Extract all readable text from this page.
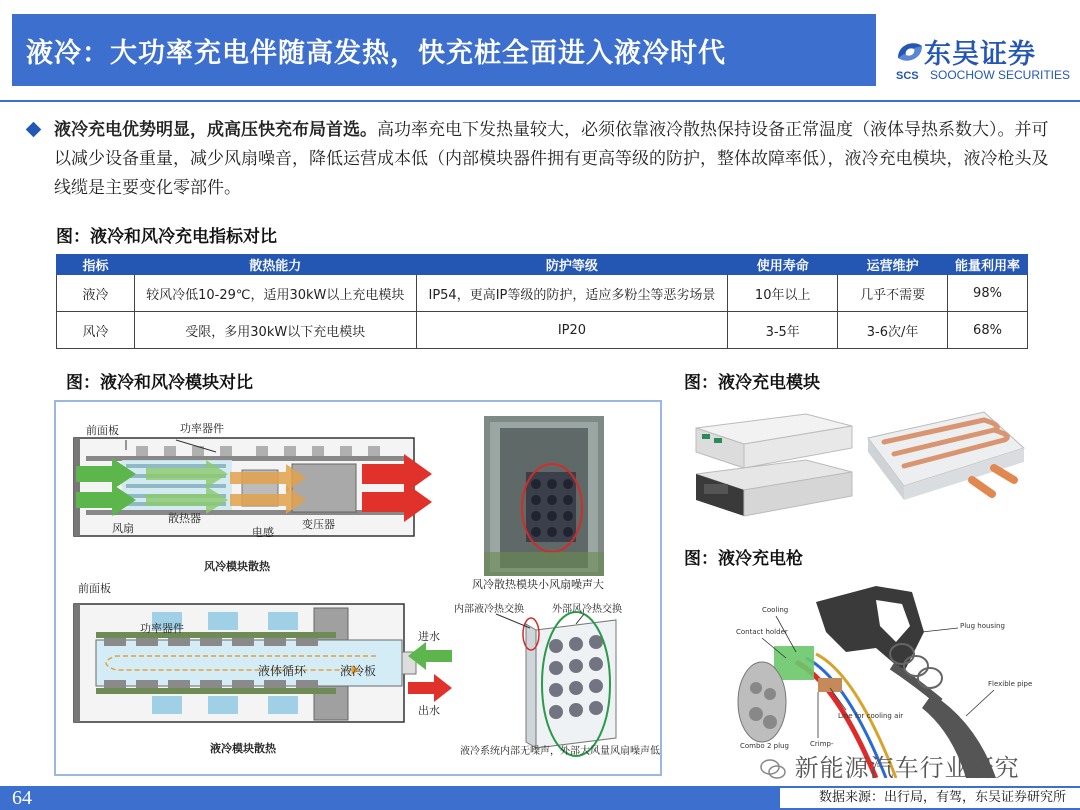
液冷：大功率充电伴随高发热，快充桩全面进入液冷时代	东吴证券
SCS SOOCHOW SECURITIES
液冷充电优势明显，成高压快充布局首选。高功率充电下发热量较大，必须依靠液冷散热保持设备正常温度（液体导热系数大）。并可以减少设备重量，减少风扇噪音，降低运营成本低（内部模块器件拥有更高等级的防护，整体故障率低），液冷充电模块，液冷枪头及线缆是主要变化零部件。
图：液冷和风冷充电指标对比
指标	散热能力	防护等级	使用寿命	运营维护	能量利用率
液冷	较风冷低10-29℃，适用30kW以上充电模块	IP54，更高IP等级的防护，适应多粉尘等恶劣场景	10年以上	几乎不需要	98%
风冷	受限，多用30kW以下充电模块	IP20	3-5年	3-6次/年	68%
图：液冷和风冷模块对比
前面板	功率器件
风扇
散热器
电感
变压器
风冷模块散热
风冷散热模块小风扇噪声大
前面板
功率器件
液体循环	液冷板
进水
出水
液冷模块散热
内部液冷热交换	外部风冷热交换
液冷系统内部无噪声，外部大风量风扇噪声低
图：液冷充电模块
图：液冷充电枪
Cooling
Contact holder
Plug housing
Flexible pipe
Line for cooling air
Crimp-
Combo 2 plug
新能源汽车行业研究
64	数据来源：出行局，有驾，东吴证券研究所
